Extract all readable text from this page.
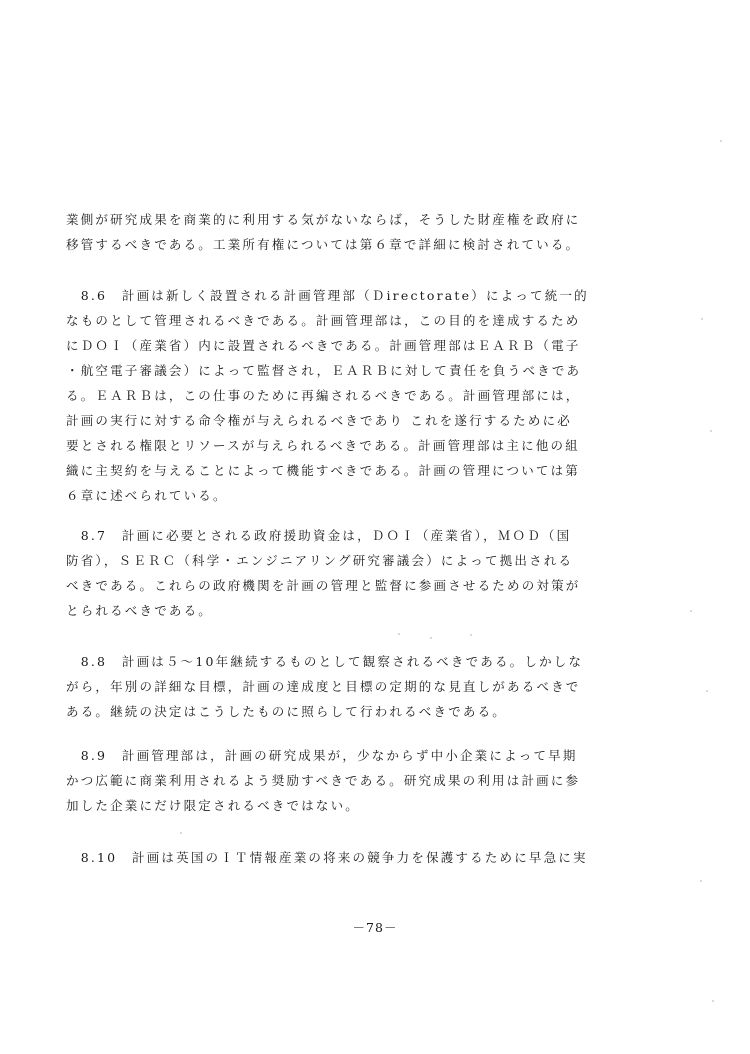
業側が研究成果を商業的に利用する気がないならば，そうした財産権を政府に
移管するべきである。工業所有権については第６章で詳細に検討されている。
　8.6　計画は新しく設置される計画管理部（Ｄirectorate）によって統一的
なものとして管理されるべきである。計画管理部は，この目的を達成するため
にＤＯＩ（産業省）内に設置されるべきである。計画管理部はＥＡＲＢ（電子
・航空電子審議会）によって監督され，ＥＡＲＢに対して責任を負うべきであ
る。ＥＡＲＢは，この仕事のために再編されるべきである。計画管理部には，
計画の実行に対する命令権が与えられるべきであり これを遂行するために必
要とされる権限とリソースが与えられるべきである。計画管理部は主に他の組
織に主契約を与えることによって機能すべきである。計画の管理については第
６章に述べられている。
　8.7　計画に必要とされる政府援助資金は，ＤＯＩ（産業省），ＭＯＤ（国
防省），ＳＥＲＣ（科学・エンジニアリング研究審議会）によって拠出される
べきである。これらの政府機関を計画の管理と監督に参画させるための対策が
とられるべきである。
　8.8　計画は５～10年継続するものとして観察されるべきである。しかしな
がら，年別の詳細な目標，計画の達成度と目標の定期的な見直しがあるべきで
ある。継続の決定はこうしたものに照らして行われるべきである。
　8.9　計画管理部は，計画の研究成果が，少なからず中小企業によって早期
かつ広範に商業利用されるよう奨励すべきである。研究成果の利用は計画に参
加した企業にだけ限定されるべきではない。
　8.10　計画は英国のＩＴ情報産業の将来の競争力を保護するために早急に実
－78－
